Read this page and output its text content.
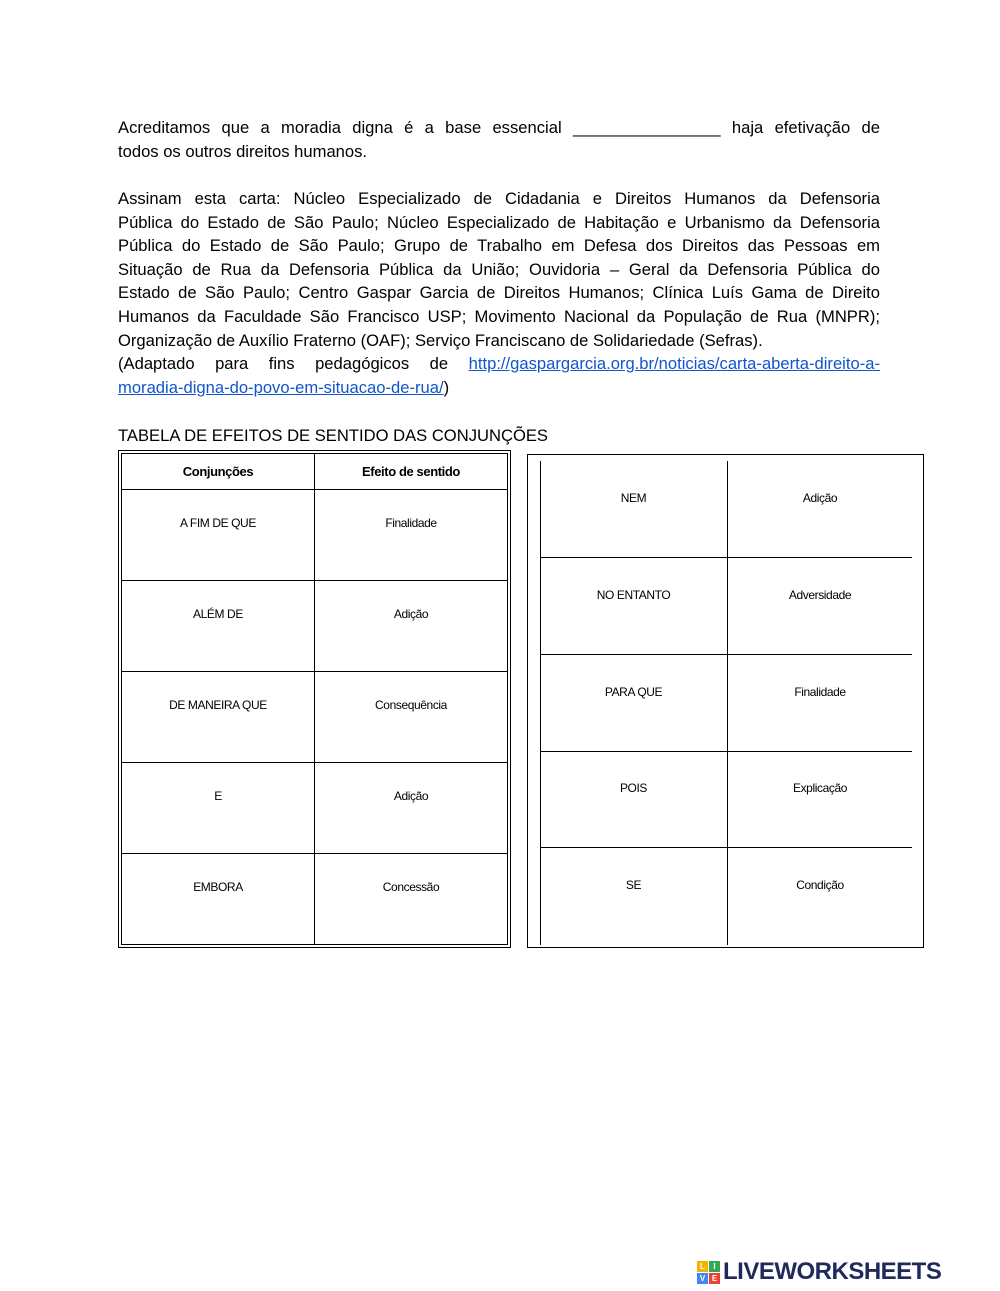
Acreditamos que a moradia digna é a base essencial ________________ haja efetivação de
todos os outros direitos humanos.

Assinam esta carta: Núcleo Especializado de Cidadania e Direitos Humanos da Defensoria
Pública do Estado de São Paulo; Núcleo Especializado de Habitação e Urbanismo da Defensoria
Pública do Estado de São Paulo; Grupo de Trabalho em Defesa dos Direitos das Pessoas em
Situação de Rua da Defensoria Pública da União; Ouvidoria – Geral da Defensoria Pública do
Estado de São Paulo; Centro Gaspar Garcia de Direitos Humanos; Clínica Luís Gama de Direito
Humanos da Faculdade São Francisco USP; Movimento Nacional da População de Rua (MNPR);
Organização de Auxílio Fraterno (OAF); Serviço Franciscano de Solidariedade (Sefras).
(Adaptado para fins pedagógicos de http://gaspargarcia.org.br/noticias/carta-aberta-direito-a-
moradia-digna-do-povo-em-situacao-de-rua/)

TABELA DE EFEITOS DE SENTIDO DAS CONJUNÇÕES

Conjunções	Efeito de sentido
A FIM DE QUE	Finalidade
ALÉM DE	Adição
DE MANEIRA QUE	Consequência
E	Adição
EMBORA	Concessão
NEM	Adição
NO ENTANTO	Adversidade
PARA QUE	Finalidade
POIS	Explicação
SE	Condição
L	I
V E LIVEWORKSHEETS
